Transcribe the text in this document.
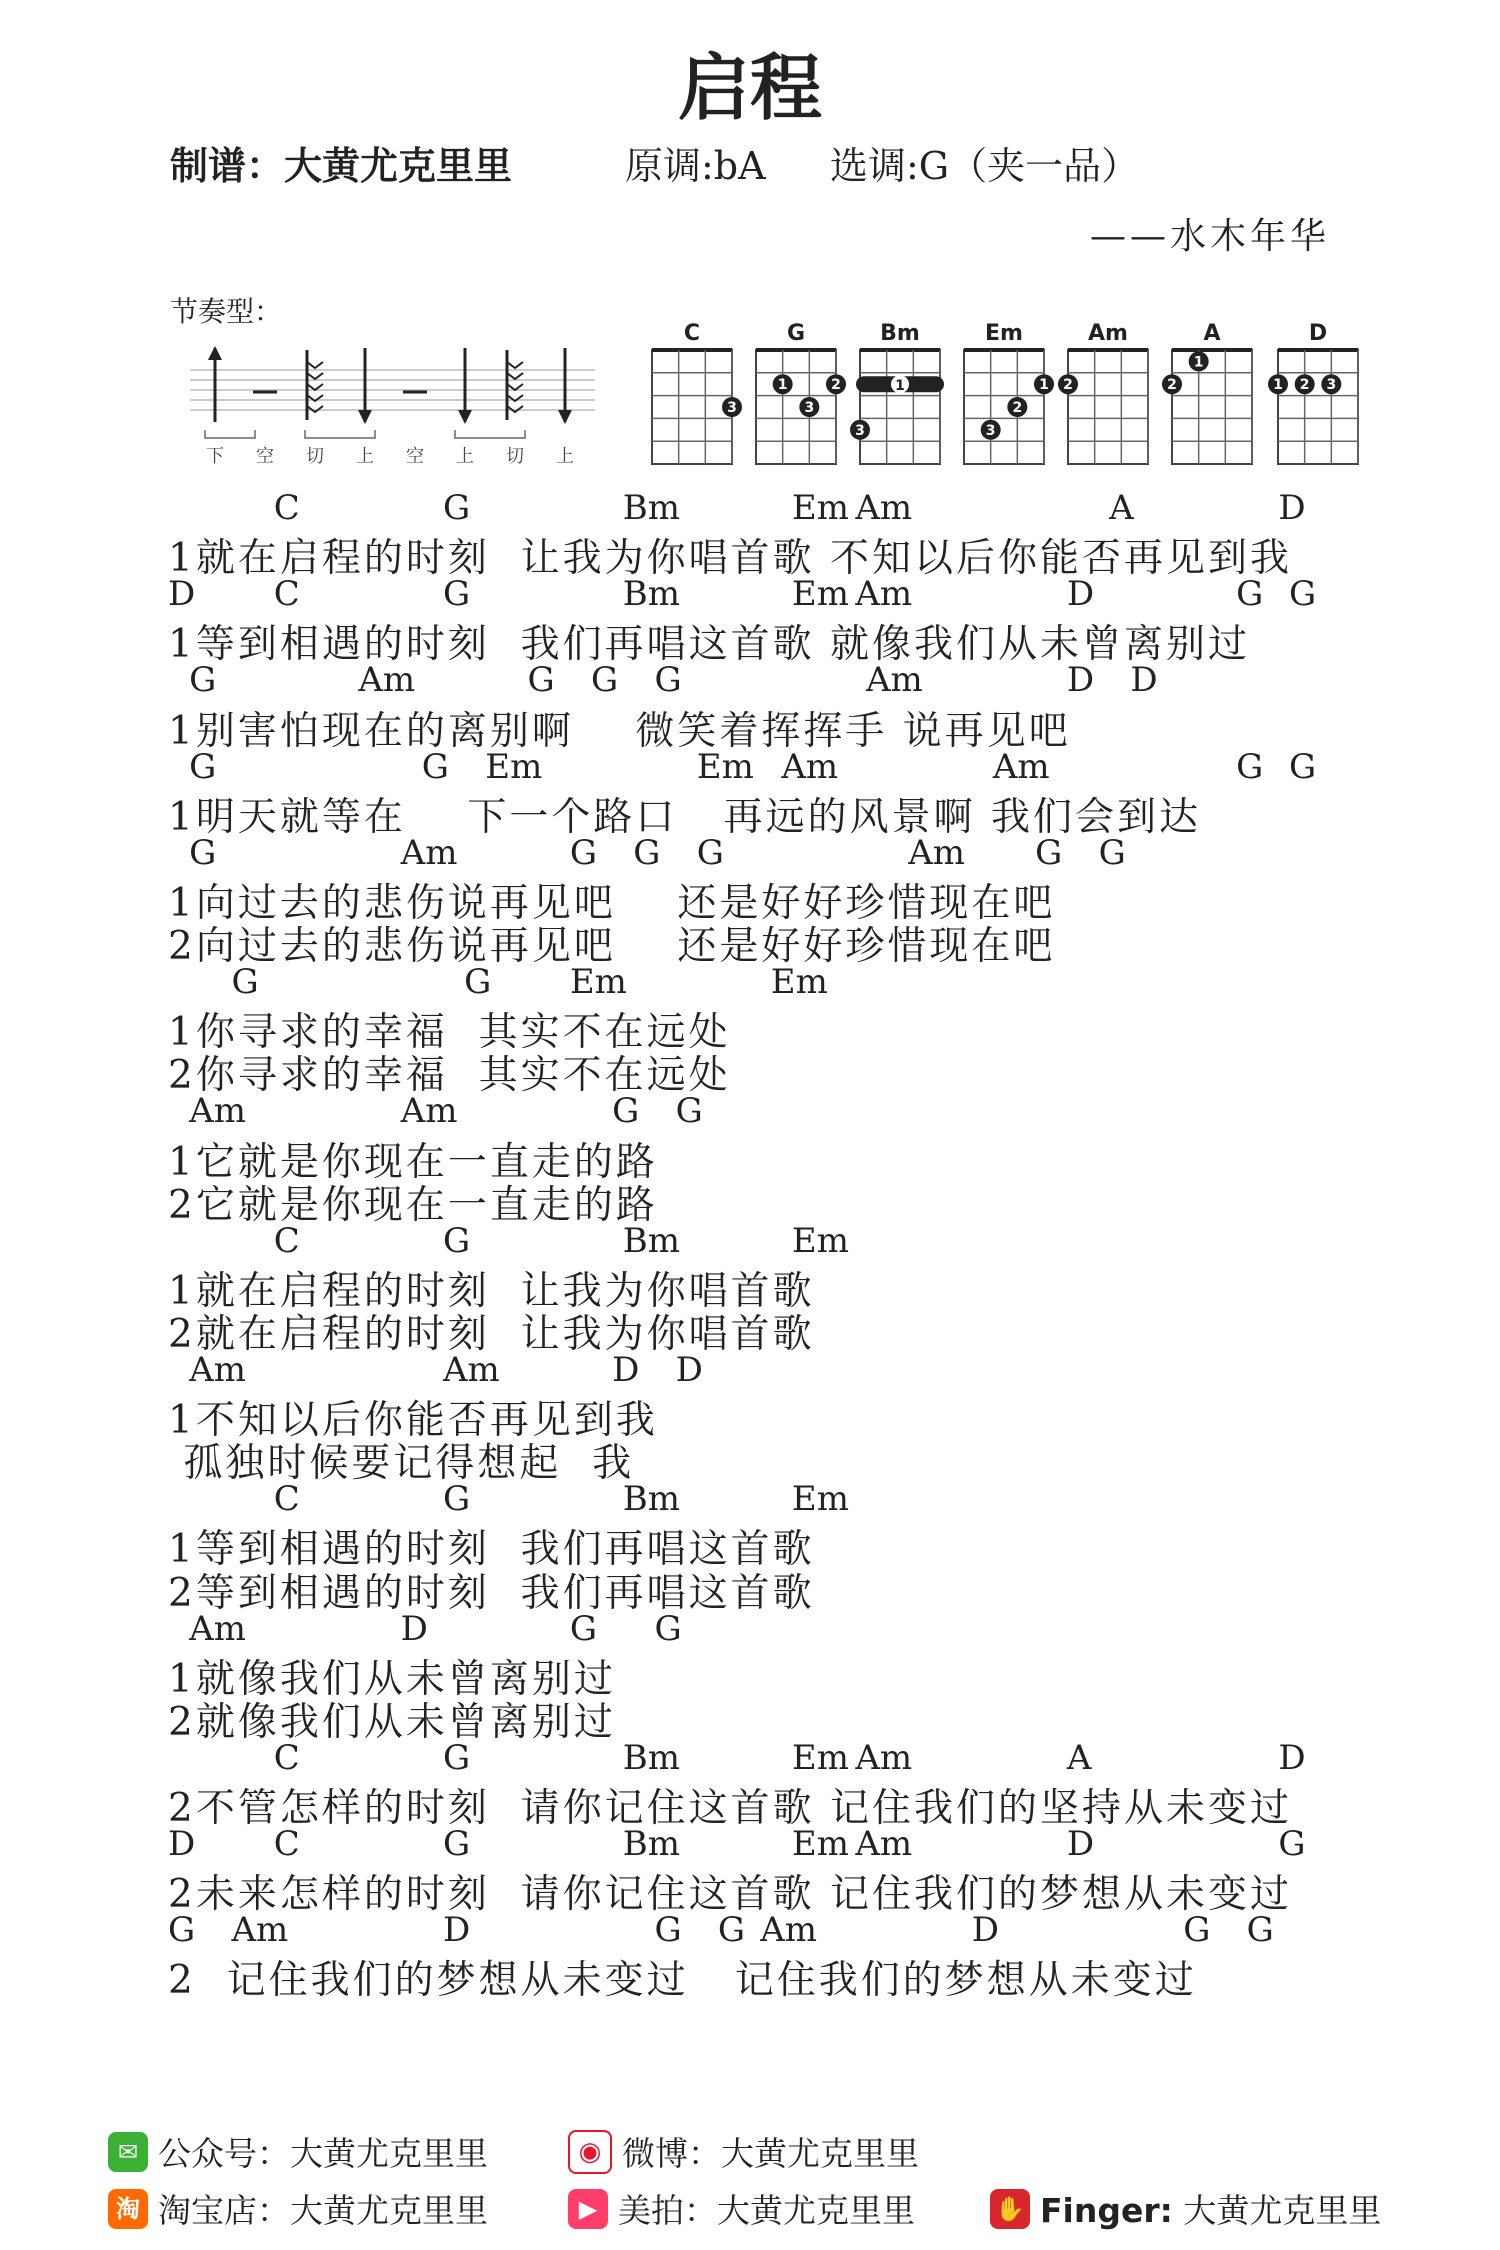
启程
制谱：大黄尤克里里	原调:bA 选调:G（夹一品）
——水木年华
节奏型：
下 空 切 上 空 上 切 上
C
3
G
1	2
3
Bm
1
3
Em
1
2
3
Am
2
A
1
2
D
1 2 3
C	G	Bm	Em Am	A	D
1就在启程的时刻  让我为你唱首歌 不知以后你能否再见到我
D C	G	Bm	Em Am	D	G G
1等到相遇的时刻  我们再唱这首歌 就像我们从未曾离别过
G	Am	G G G	Am	D D
1别害怕现在的离别啊    微笑着挥挥手 说再见吧
G	G Em	Em Am	Am	G G
1明天就等在    下一个路口   再远的风景啊 我们会到达
G	Am	G G G	Am G G
1向过去的悲伤说再见吧    还是好好珍惜现在吧
2向过去的悲伤说再见吧    还是好好珍惜现在吧
G	G Em	Em
1你寻求的幸福  其实不在远处
2你寻求的幸福  其实不在远处
Am	Am	G G
1它就是你现在一直走的路
2它就是你现在一直走的路
C	G	Bm	Em
1就在启程的时刻  让我为你唱首歌
2就在启程的时刻  让我为你唱首歌
Am	Am	D D
1不知以后你能否再见到我
孤独时候要记得想起  我
C	G	Bm	Em
1等到相遇的时刻  我们再唱这首歌
2等到相遇的时刻  我们再唱这首歌
Am	D	G G
1就像我们从未曾离别过
2就像我们从未曾离别过
C	G	Bm	Em Am	A	D
2不管怎样的时刻  请你记住这首歌 记住我们的坚持从未变过
D C	G	Bm	Em Am	D	G
2未来怎样的时刻  请你记住这首歌 记住我们的梦想从未变过
G Am	D	G G Am	D	G G
2  记住我们的梦想从未变过   记住我们的梦想从未变过
✉ 公众号：大黄尤克里里	◉ 微博：大黄尤克里里
淘 淘宝店：大黄尤克里里	▶ 美拍：大黄尤克里里	✋ Finger: 大黄尤克里里
